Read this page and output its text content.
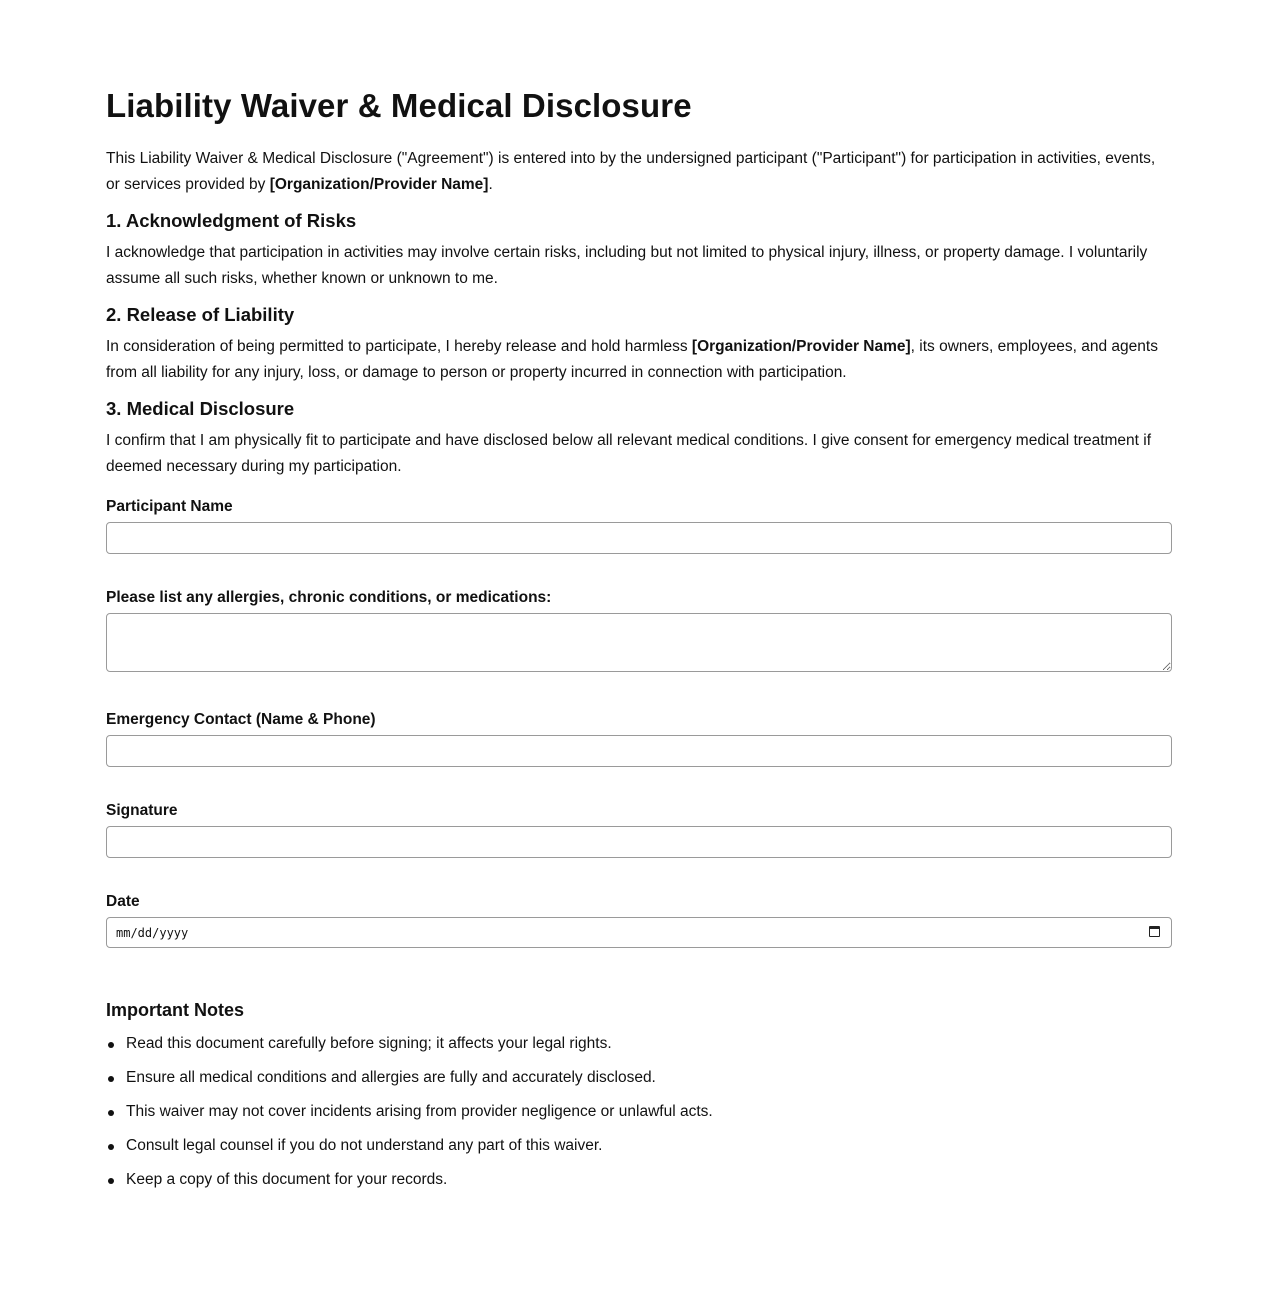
Liability Waiver & Medical Disclosure

This Liability Waiver & Medical Disclosure ("Agreement") is entered into by the undersigned participant ("Participant") for participation in activities, events, or services provided by [Organization/Provider Name].

1. Acknowledgment of Risks

I acknowledge that participation in activities may involve certain risks, including but not limited to physical injury, illness, or property damage. I voluntarily assume all such risks, whether known or unknown to me.

2. Release of Liability

In consideration of being permitted to participate, I hereby release and hold harmless [Organization/Provider Name], its owners, employees, and agents from all liability for any injury, loss, or damage to person or property incurred in connection with participation.

3. Medical Disclosure

I confirm that I am physically fit to participate and have disclosed below all relevant medical conditions. I give consent for emergency medical treatment if deemed necessary during my participation.

Participant Name
Please list any allergies, chronic conditions, or medications:
Emergency Contact (Name & Phone)
Signature
Date
mm/dd/yyyy
Important Notes
Read this document carefully before signing; it affects your legal rights.
Ensure all medical conditions and allergies are fully and accurately disclosed.
This waiver may not cover incidents arising from provider negligence or unlawful acts.
Consult legal counsel if you do not understand any part of this waiver.
Keep a copy of this document for your records.
